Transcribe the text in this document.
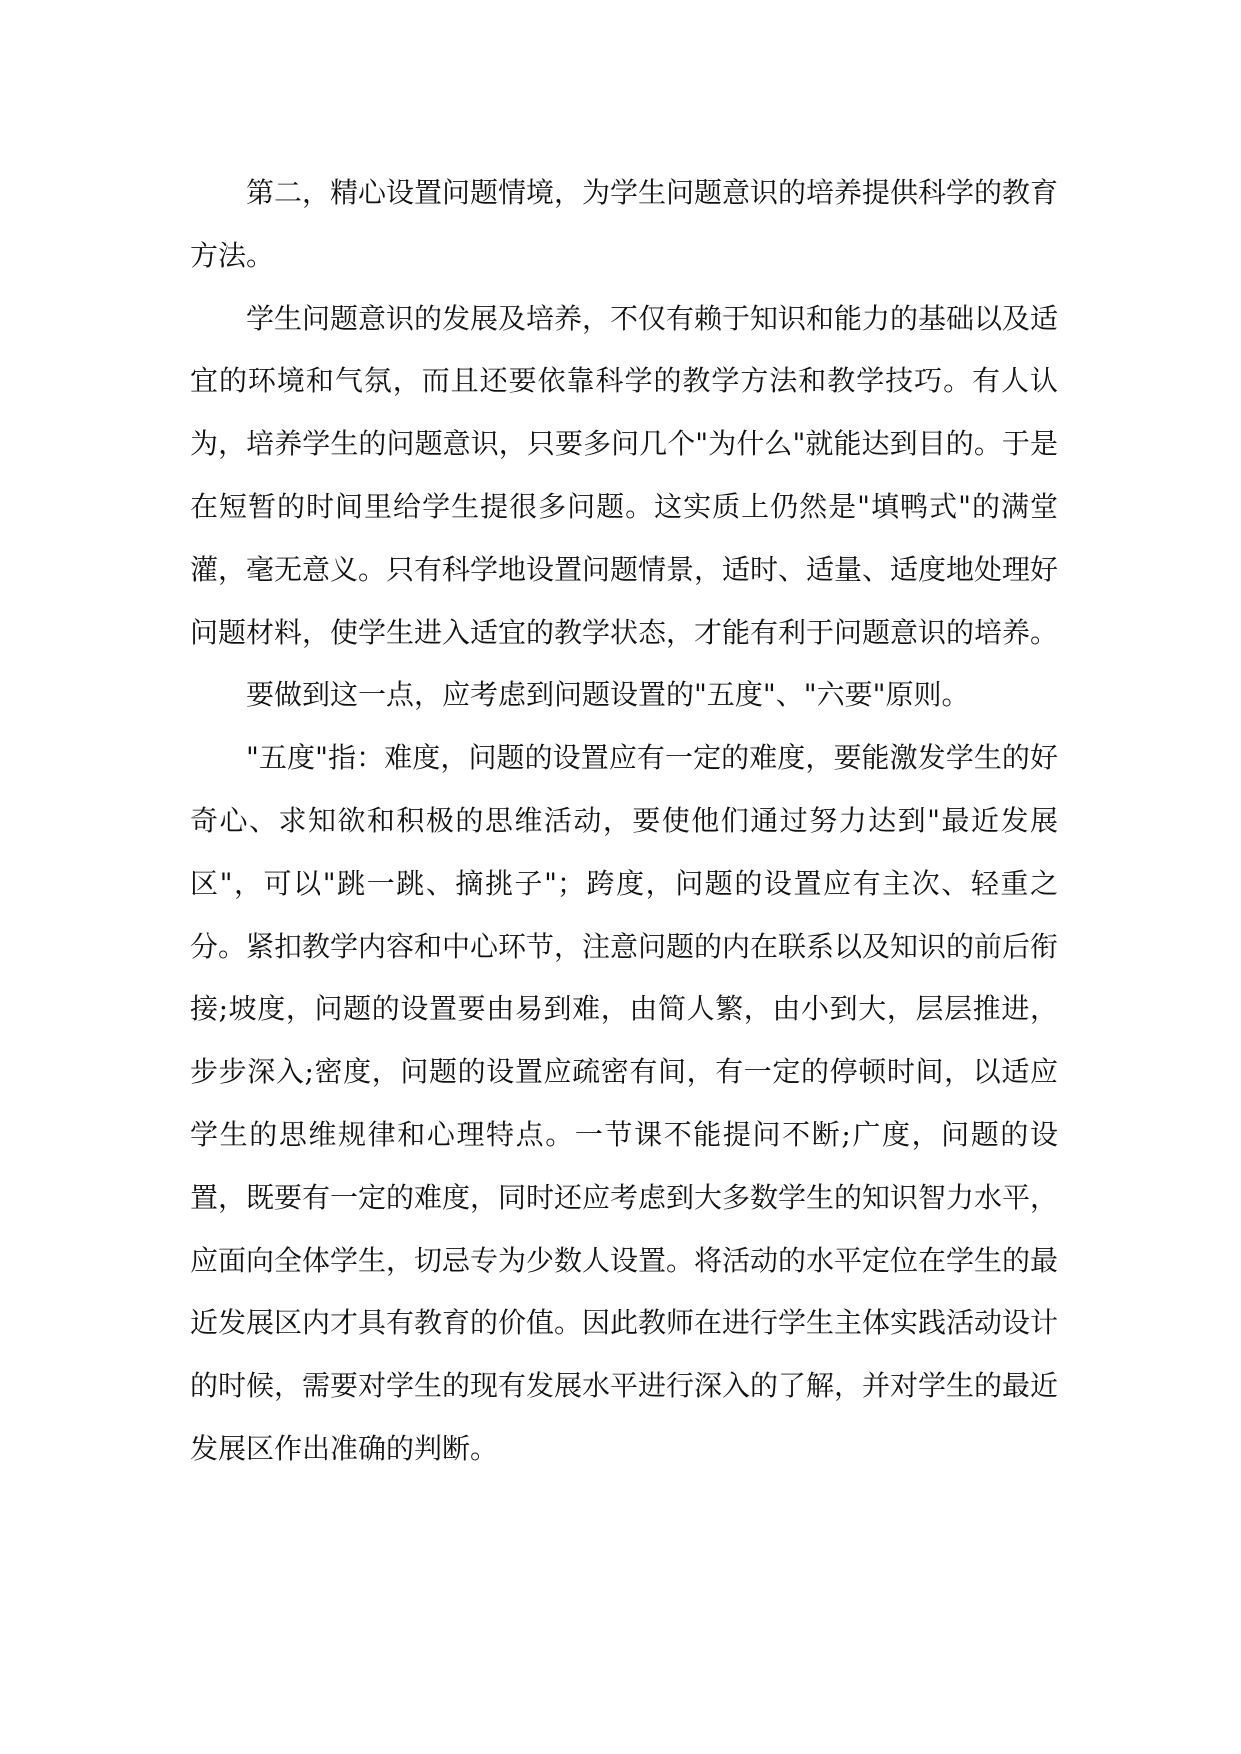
第二，精心设置问题情境，为学生问题意识的培养提供科学的教育方法。

学生问题意识的发展及培养，不仅有赖于知识和能力的基础以及适宜的环境和气氛，而且还要依靠科学的教学方法和教学技巧。有人认为，培养学生的问题意识，只要多问几个"为什么"就能达到目的。于是在短暂的时间里给学生提很多问题。这实质上仍然是"填鸭式"的满堂灌，毫无意义。只有科学地设置问题情景，适时、适量、适度地处理好问题材料，使学生进入适宜的教学状态，才能有利于问题意识的培养。

要做到这一点，应考虑到问题设置的"五度"、"六要"原则。

"五度"指：难度，问题的设置应有一定的难度，要能激发学生的好奇心、求知欲和积极的思维活动，要使他们通过努力达到"最近发展区"，可以"跳一跳、摘挑子"；跨度，问题的设置应有主次、轻重之分。紧扣教学内容和中心环节，注意问题的内在联系以及知识的前后衔接;坡度，问题的设置要由易到难，由简人繁，由小到大，层层推进，步步深入;密度，问题的设置应疏密有间，有一定的停顿时间，以适应学生的思维规律和心理特点。一节课不能提问不断;广度，问题的设置，既要有一定的难度，同时还应考虑到大多数学生的知识智力水平，应面向全体学生，切忌专为少数人设置。将活动的水平定位在学生的最近发展区内才具有教育的价值。因此教师在进行学生主体实践活动设计的时候，需要对学生的现有发展水平进行深入的了解，并对学生的最近发展区作出准确的判断。
